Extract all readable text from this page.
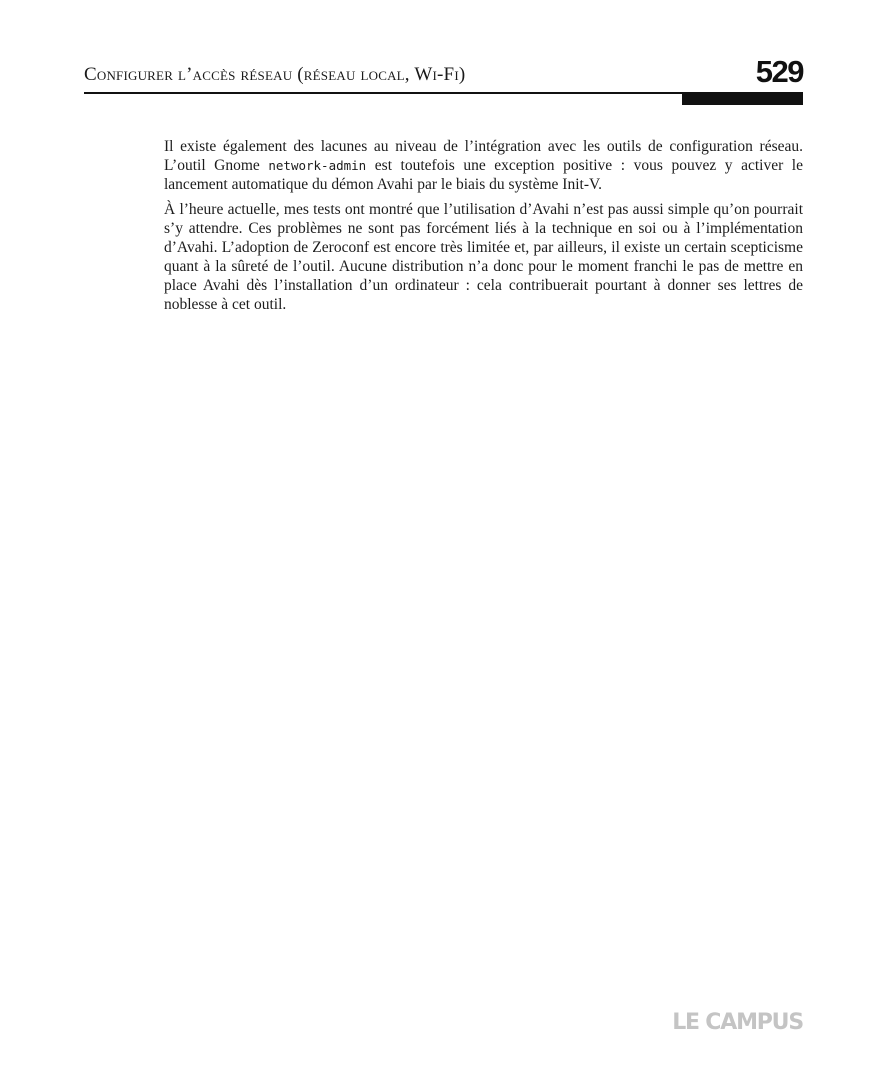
Configurer l’accès réseau (réseau local, Wi-Fi)	529

Il existe également des lacunes au niveau de l’intégration avec les outils de configuration réseau. L’outil Gnome network-admin est toutefois une exception positive : vous pouvez y activer le lancement automatique du démon Avahi par le biais du système Init-V.

À l’heure actuelle, mes tests ont montré que l’utilisation d’Avahi n’est pas aussi simple qu’on pourrait s’y attendre. Ces problèmes ne sont pas forcément liés à la technique en soi ou à l’implémentation d’Avahi. L’adoption de Zeroconf est encore très limitée et, par ailleurs, il existe un certain scepticisme quant à la sûreté de l’outil. Aucune distribution n’a donc pour le moment franchi le pas de mettre en place Avahi dès l’installation d’un ordinateur : cela contribuerait pourtant à donner ses lettres de noblesse à cet outil.

LE CAMPUS
